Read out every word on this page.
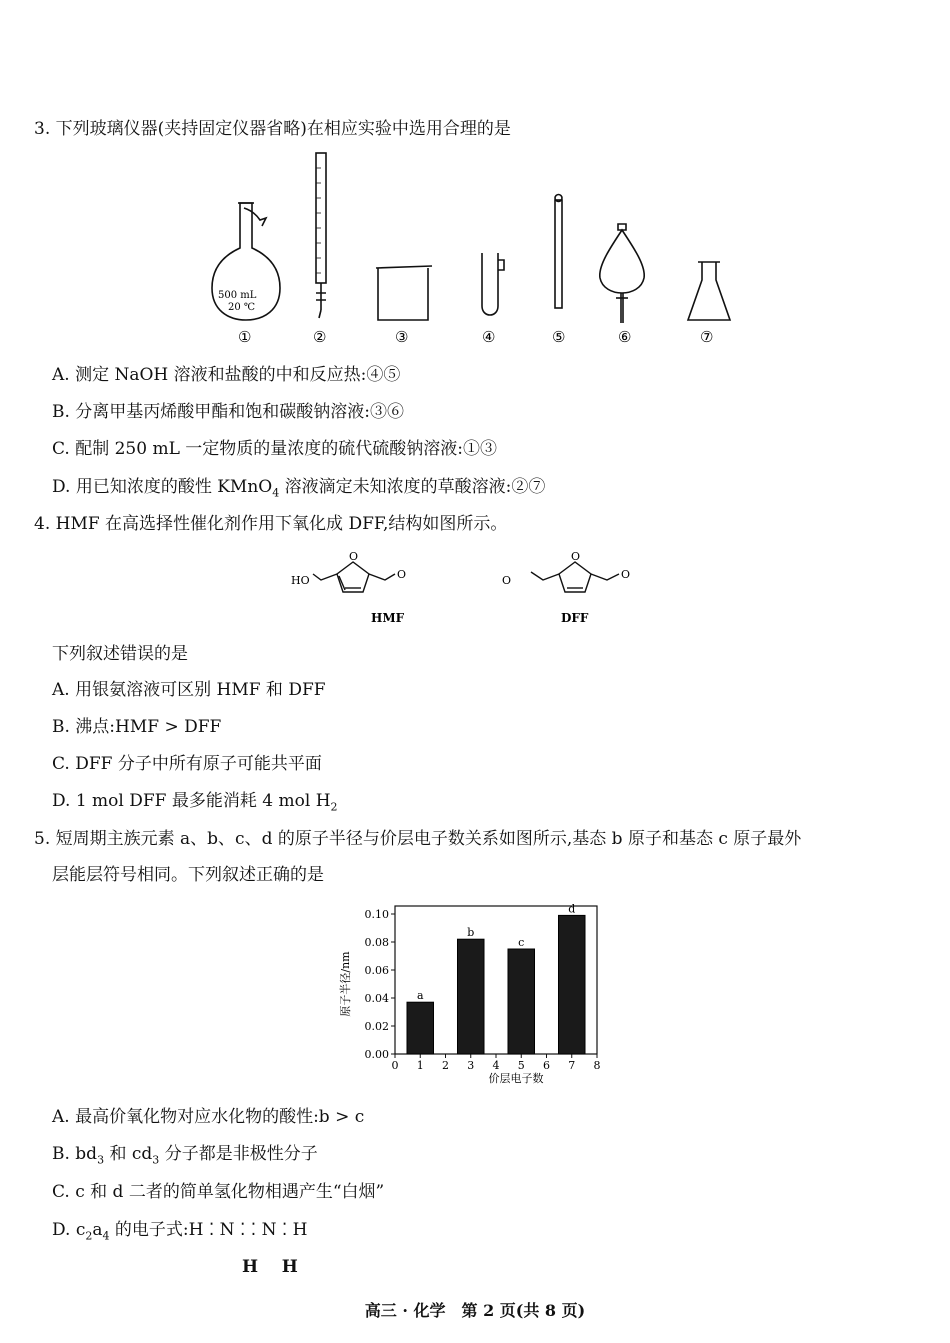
3. 下列玻璃仪器(夹持固定仪器省略)在相应实验中选用合理的是
500 mL
20 ℃
①	②	③	④	⑤	⑥	⑦
A. 测定 NaOH 溶液和盐酸的中和反应热:④⑤
B. 分离甲基丙烯酸甲酯和饱和碳酸钠溶液:③⑥
C. 配制 250 mL 一定物质的量浓度的硫代硫酸钠溶液:①③
D. 用已知浓度的酸性 KMnO$_4$ 溶液滴定未知浓度的草酸溶液:②⑦
4. HMF 在高选择性催化剂作用下氧化成 DFF,结构如图所示。
HO
O
O
HMF
O
O
O
DFF
下列叙述错误的是
A. 用银氨溶液可区别 HMF 和 DFF
B. 沸点:HMF > DFF
C. DFF 分子中所有原子可能共平面
D. 1 mol DFF 最多能消耗 4 mol $H_2$
5. 短周期主族元素 a、b、c、d 的原子半径与价层电子数关系如图所示,基态 b 原子和基态 c 原子最外
层能层符号相同。下列叙述正确的是
0.00
0.02
0.04
0.06
0.08
0.10
0 1 2 3 4 5 6 7 8
原子半径/nm
价层电子数
a
b
c
d
A. 最高价氧化物对应水化物的酸性:b > c
B. $bd_3$ 和 $cd_3$ 分子都是非极性分子
C. c 和 d 二者的简单氢化物相遇产生“白烟”
D. $c_2a_4$ 的电子式:H ⁚ N ⁚ ⁚ N ⁚ H
H    H
高三 · 化学　第 2 页(共 8 页)
